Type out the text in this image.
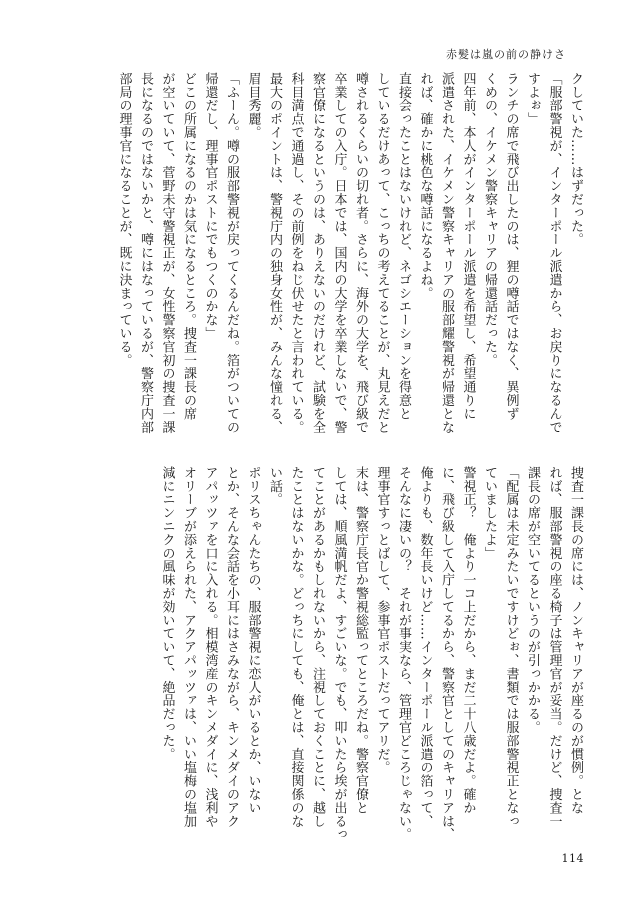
赤髪は嵐の前の静けさ
クしていた……はずだった。
「服部警視が、インターポール派遣から、お戻りになるんで
すよぉ」
ランチの席で飛び出したのは、狸の噂話ではなく、異例ず
くめの、イケメン警察キャリアの帰還話だった。
四年前、本人がインターポール派遣を希望し、希望通りに
派遣された、イケメン警察キャリアの服部耀警視が帰還とな
れば、確かに桃色な噂話になるよね。
直接会ったことはないけれど、ネゴシエーションを得意と
しているだけあって、こっちの考えてることが、丸見えだと
噂されるくらいの切れ者。さらに、海外の大学を、飛び級で
卒業しての入庁。日本では、国内の大学を卒業しないで、警
察官僚になるというのは、ありえないのだけれど、試験を全
科目満点で通過し、その前例をねじ伏せたと言われている。
最大のポイントは、警視庁内の独身女性が、みんな憧れる、
眉目秀麗。
「ふーん。噂の服部警視が戻ってくるんだね。箔がついての
帰還だし、理事官ポストにでもつくのかな」
どこの所属になるのかは気になるところ。捜査一課長の席
が空いていて、菅野未守警視正が、女性警察官初の捜査一課
長になるのではないかと、噂にはなっているが、警察庁内部
部局の理事官になることが、既に決まっている。
捜査一課長の席には、ノンキャリアが座るのが慣例。とな
れば、服部警視の座る椅子は管理官が妥当。だけど、捜査一
課長の席が空いてるというのが引っかかる。
「配属は未定みたいですけどぉ、書類では服部警視正となっ
ていましたよ」
警視正？　俺より一コ上だから、まだ二十八歳だよ。確か
に、飛び級して入庁してるから、警察官としてのキャリアは、
俺よりも、数年長いけど……インターポール派遣の箔って、
そんなに凄いの？　それが事実なら、管理官どころじゃない。
理事官すっとばして、参事官ポストだってアリだ。
末は、警察庁長官か警視総監ってところだね。警察官僚と
しては、順風満帆だよ、すごいな。でも、叩いたら埃が出るっ
てことがあるかもしれないから、注視しておくことに、越し
たことはないかな。どっちにしても、俺とは、直接関係のな
い話。
ポリスちゃんたちの、服部警視に恋人がいるとか、いない
とか、そんな会話を小耳にはさみながら、キンメダイのアク
アパッツァを口に入れる。相模湾産のキンメダイに、浅利や
オリーブが添えられた、アクアパッツァは、いい塩梅の塩加
減にニンニクの風味が効いていて、絶品だった。
114
